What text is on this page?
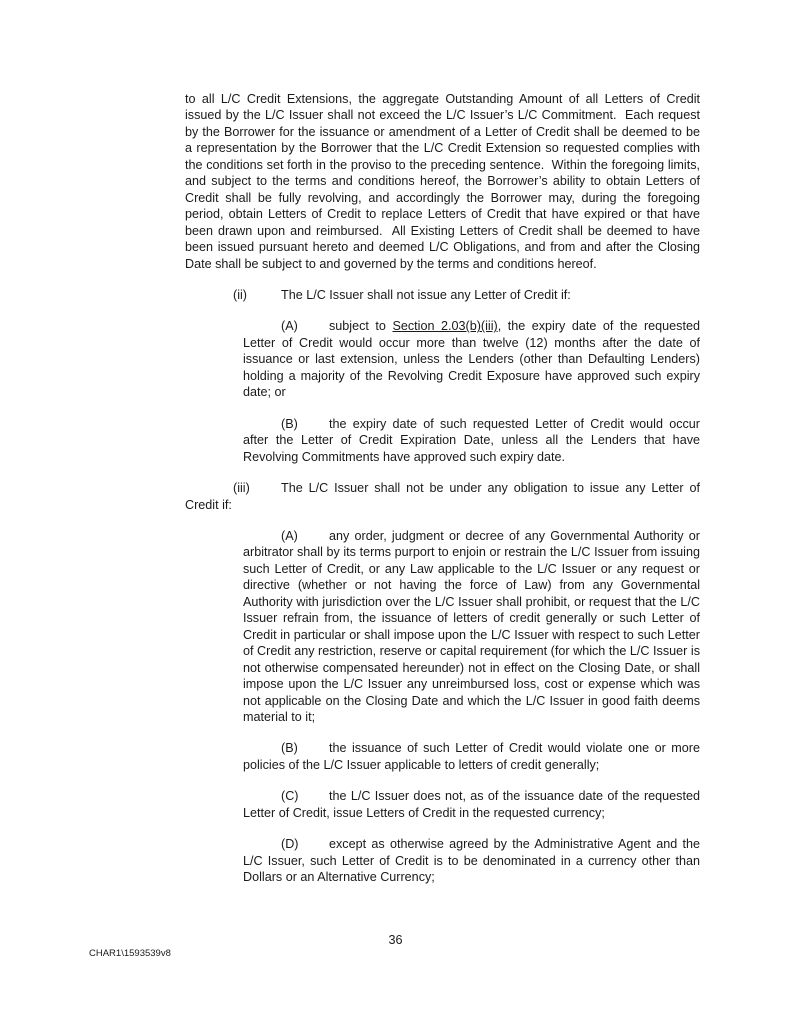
to all L/C Credit Extensions, the aggregate Outstanding Amount of all Letters of Credit issued by the L/C Issuer shall not exceed the L/C Issuer’s L/C Commitment.  Each request by the Borrower for the issuance or amendment of a Letter of Credit shall be deemed to be a representation by the Borrower that the L/C Credit Extension so requested complies with the conditions set forth in the proviso to the preceding sentence.  Within the foregoing limits, and subject to the terms and conditions hereof, the Borrower’s ability to obtain Letters of Credit shall be fully revolving, and accordingly the Borrower may, during the foregoing period, obtain Letters of Credit to replace Letters of Credit that have expired or that have been drawn upon and reimbursed.  All Existing Letters of Credit shall be deemed to have been issued pursuant hereto and deemed L/C Obligations, and from and after the Closing Date shall be subject to and governed by the terms and conditions hereof.

(ii)	The L/C Issuer shall not issue any Letter of Credit if:

(A) subject to Section 2.03(b)(iii), the expiry date of the requested Letter of Credit would occur more than twelve (12) months after the date of issuance or last extension, unless the Lenders (other than Defaulting Lenders) holding a majority of the Revolving Credit Exposure have approved such expiry date; or

(B) the expiry date of such requested Letter of Credit would occur after the Letter of Credit Expiration Date, unless all the Lenders that have Revolving Commitments have approved such expiry date.

(iii) The L/C Issuer shall not be under any obligation to issue any Letter of Credit if:

(A) any order, judgment or decree of any Governmental Authority or arbitrator shall by its terms purport to enjoin or restrain the L/C Issuer from issuing such Letter of Credit, or any Law applicable to the L/C Issuer or any request or directive (whether or not having the force of Law) from any Governmental Authority with jurisdiction over the L/C Issuer shall prohibit, or request that the L/C Issuer refrain from, the issuance of letters of credit generally or such Letter of Credit in particular or shall impose upon the L/C Issuer with respect to such Letter of Credit any restriction, reserve or capital requirement (for which the L/C Issuer is not otherwise compensated hereunder) not in effect on the Closing Date, or shall impose upon the L/C Issuer any unreimbursed loss, cost or expense which was not applicable on the Closing Date and which the L/C Issuer in good faith deems material to it;

(B) the issuance of such Letter of Credit would violate one or more policies of the L/C Issuer applicable to letters of credit generally;

(C) the L/C Issuer does not, as of the issuance date of the requested Letter of Credit, issue Letters of Credit in the requested currency;

(D) except as otherwise agreed by the Administrative Agent and the L/C Issuer, such Letter of Credit is to be denominated in a currency other than Dollars or an Alternative Currency;

36
CHAR1\1593539v8
